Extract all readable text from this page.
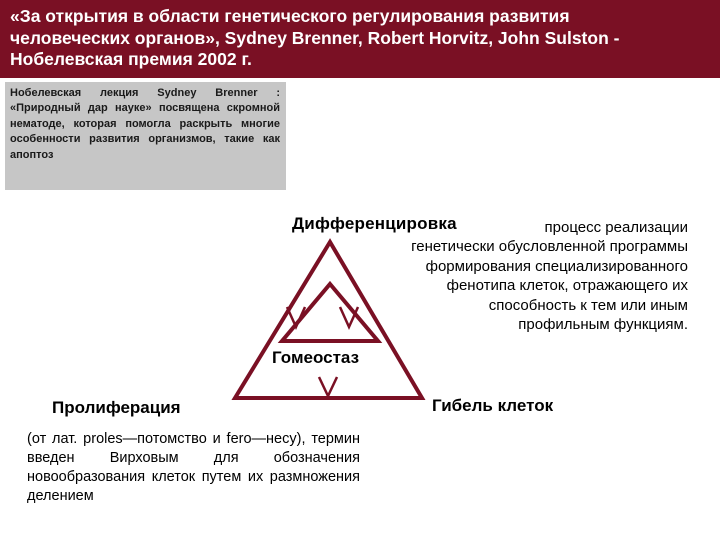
«За открытия в области генетического регулирования развития
человеческих органов», Sydney Brenner, Robert Horvitz, John Sulston -
Нобелевская премия 2002 г.
Нобелевская лекция Sydney Brenner : «Природный дар науке» посвящена скромной нематоде, которая помогла раскрыть многие особенности развития организмов, такие как апоптоз
Дифференцировка	процесс реализации
генетически обусловленной программы формирования специализированного фенотипа клеток, отражающего их способность к тем или иным профильным функциям.
Гомеостаз
Пролиферация	Гибель клеток
(от лат. proles—потомство и fero—несу), термин введен Вирховым для обозначения новообразования клеток путем их размножения делением
